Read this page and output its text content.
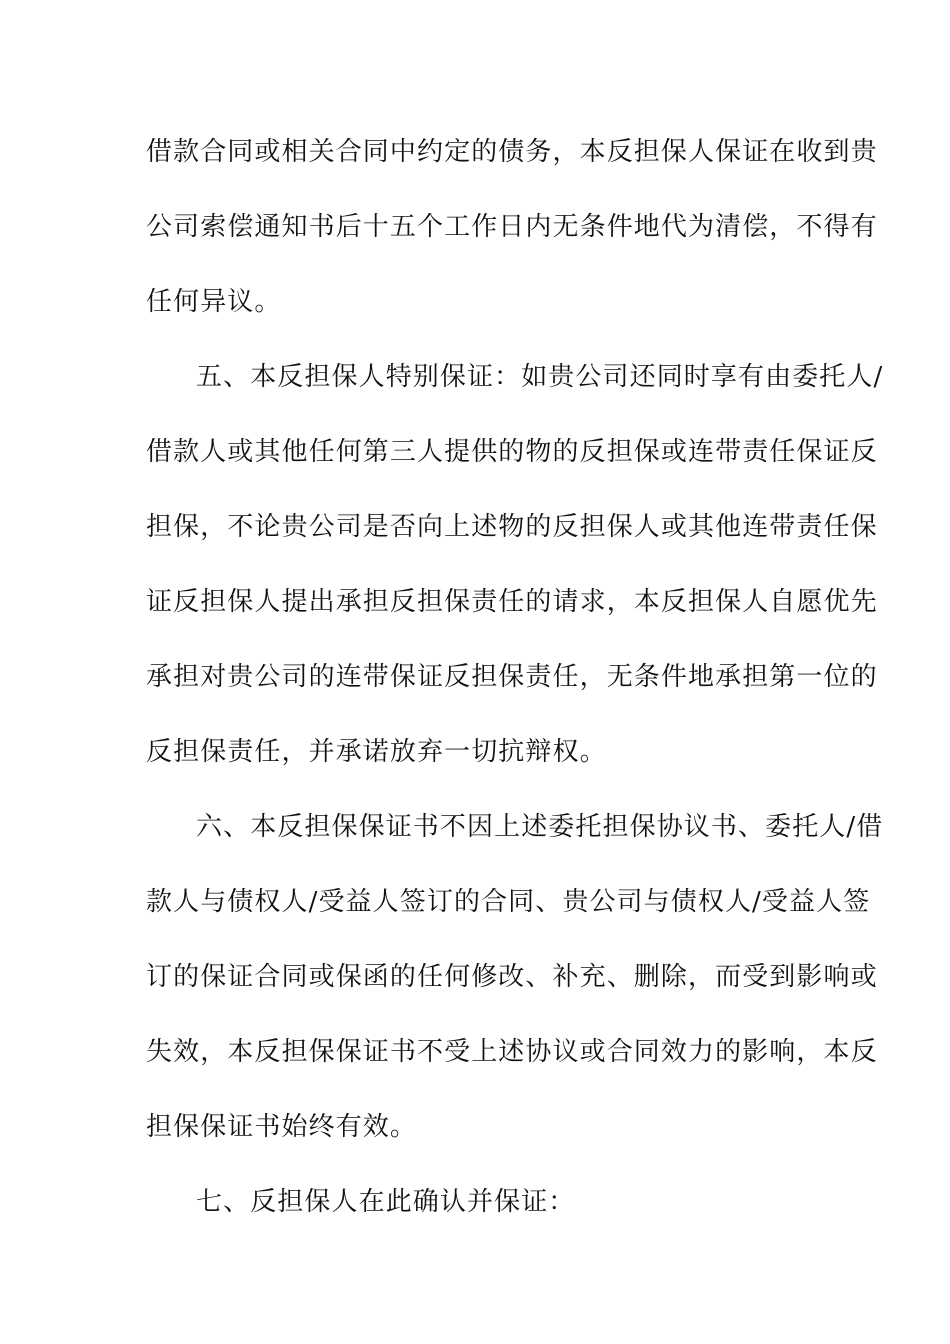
借款合同或相关合同中约定的债务，本反担保人保证在收到贵
公司索偿通知书后十五个工作日内无条件地代为清偿，不得有
任何异议。
五、本反担保人特别保证：如贵公司还同时享有由委托人/
借款人或其他任何第三人提供的物的反担保或连带责任保证反
担保，不论贵公司是否向上述物的反担保人或其他连带责任保
证反担保人提出承担反担保责任的请求，本反担保人自愿优先
承担对贵公司的连带保证反担保责任，无条件地承担第一位的
反担保责任，并承诺放弃一切抗辩权。
六、本反担保保证书不因上述委托担保协议书、委托人/借
款人与债权人/受益人签订的合同、贵公司与债权人/受益人签
订的保证合同或保函的任何修改、补充、删除，而受到影响或
失效，本反担保保证书不受上述协议或合同效力的影响，本反
担保保证书始终有效。
七、反担保人在此确认并保证：
